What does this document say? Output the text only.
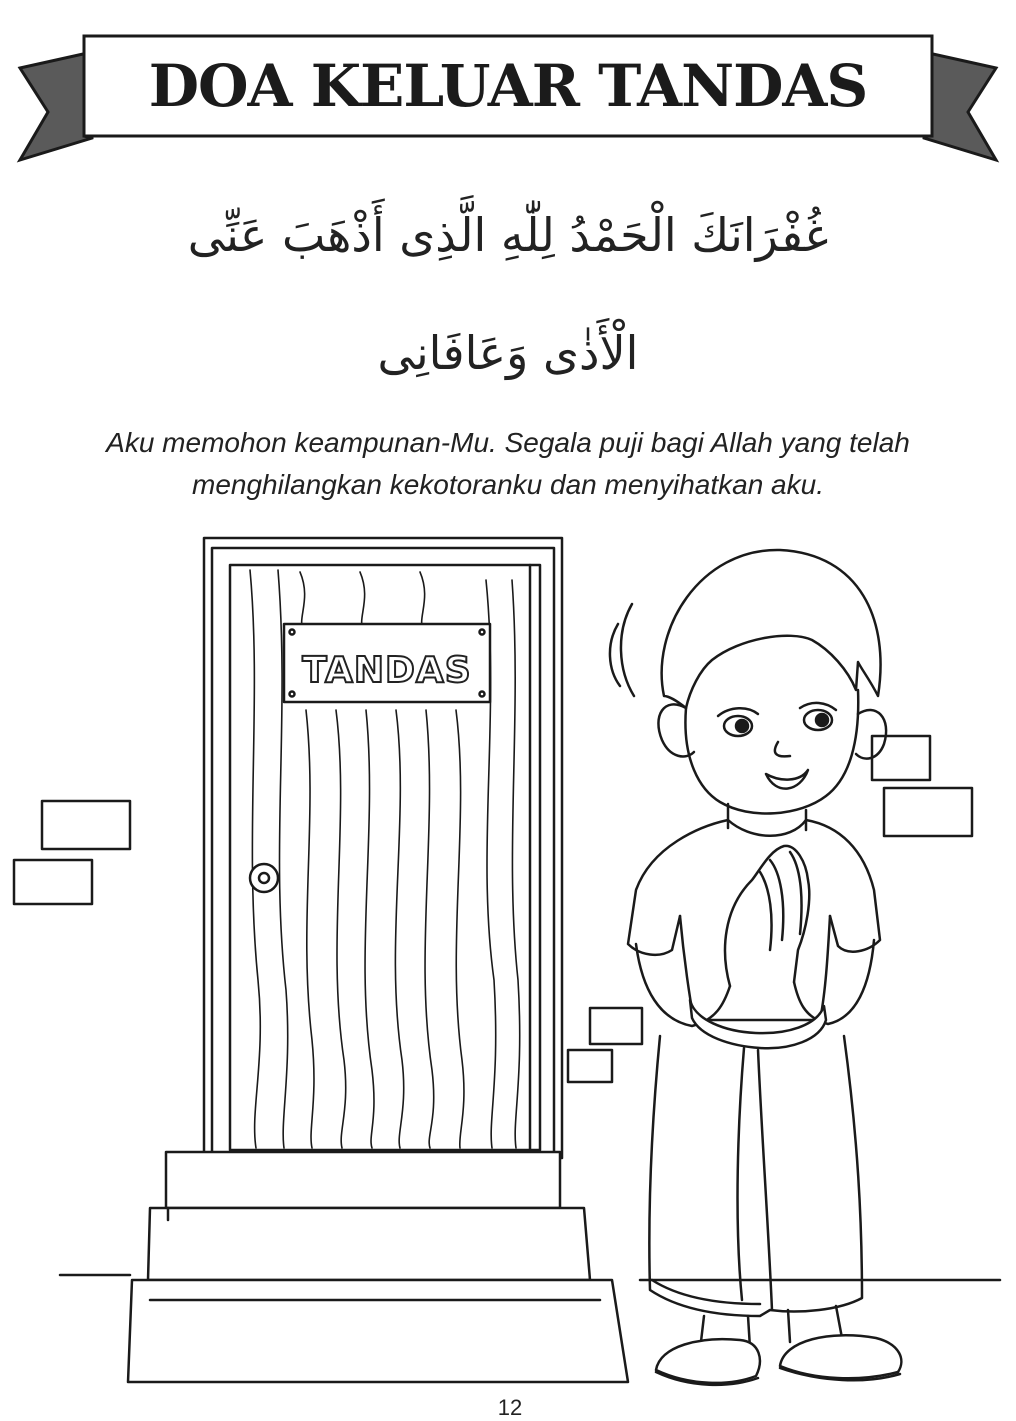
DOA KELUAR TANDAS
غُفْرَانَكَ الْحَمْدُ لِلّٰهِ الَّذِى أَذْهَبَ عَنِّى
الْأَذٰى وَعَافَانِى
Aku memohon keampunan-Mu. Segala puji bagi Allah yang telah
menghilangkan kekotoranku dan menyihatkan aku.
TANDAS
12
